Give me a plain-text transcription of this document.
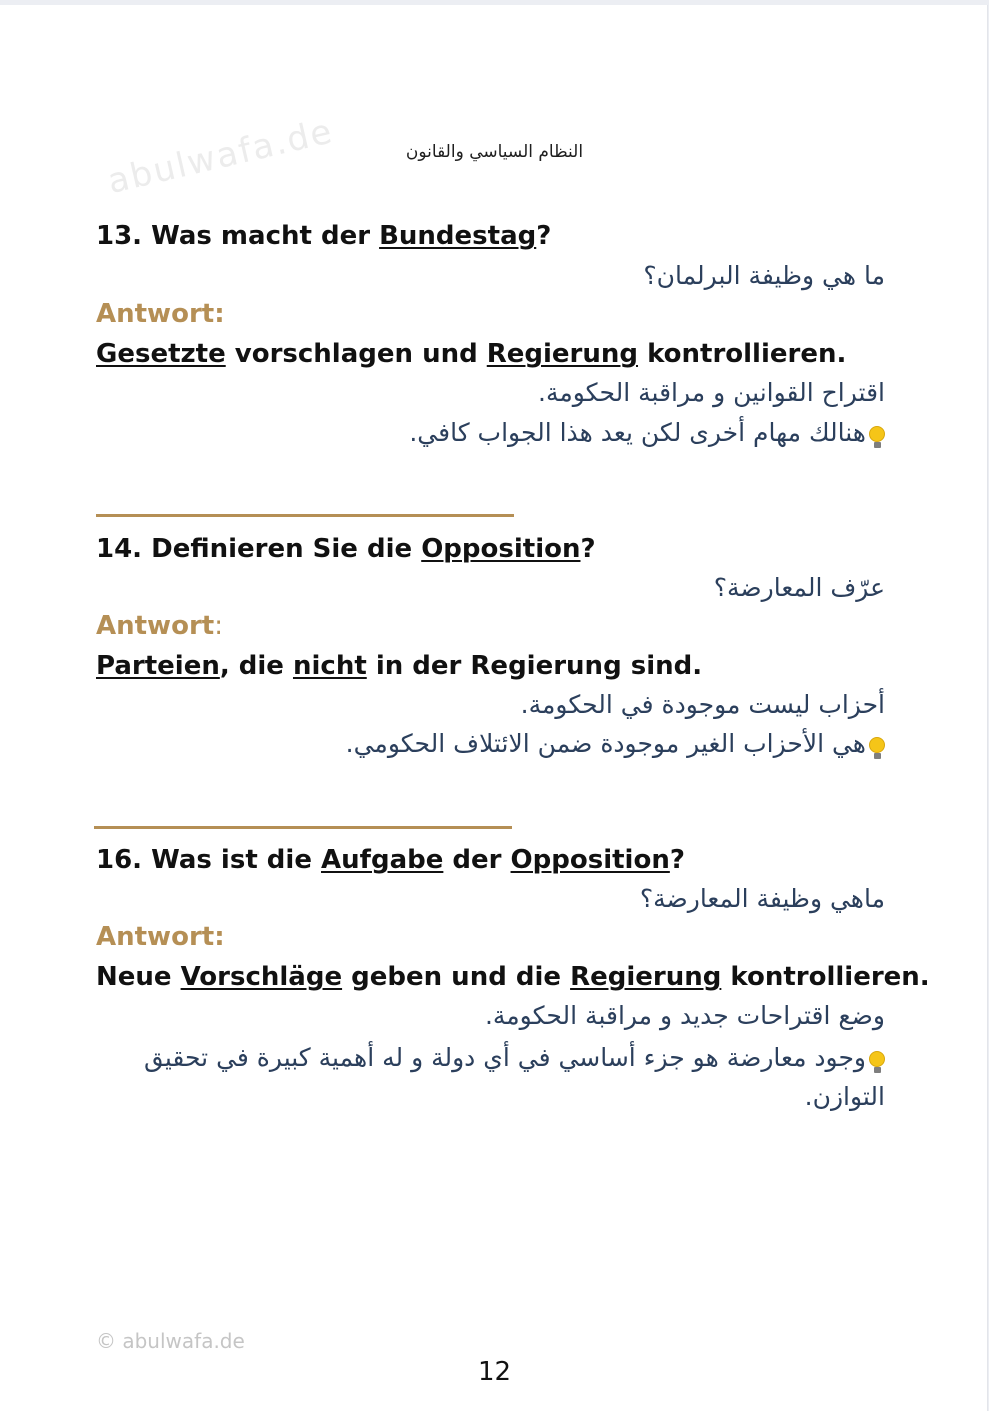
abulwafa.de	النظام السياسي والقانون
13. Was macht der Bundestag?
ما هي وظيفة البرلمان؟
Antwort:
Gesetzte vorschlagen und Regierung kontrollieren.
اقتراح القوانين و مراقبة الحكومة.
هنالك مهام أخرى لكن يعد هذا الجواب كافي.
14. Definieren Sie die Opposition?
عرّف المعارضة؟
Antwort:
Parteien, die nicht in der Regierung sind.
أحزاب ليست موجودة في الحكومة.
هي الأحزاب الغير موجودة ضمن الائتلاف الحكومي.
16. Was ist die Aufgabe der Opposition?
ماهي وظيفة المعارضة؟
Antwort:
Neue Vorschläge geben und die Regierung kontrollieren.
وضع اقتراحات جديد و مراقبة الحكومة.
وجود معارضة هو جزء أساسي في أي دولة و له أهمية كبيرة في تحقيق التوازن.
© abulwafa.de
12
